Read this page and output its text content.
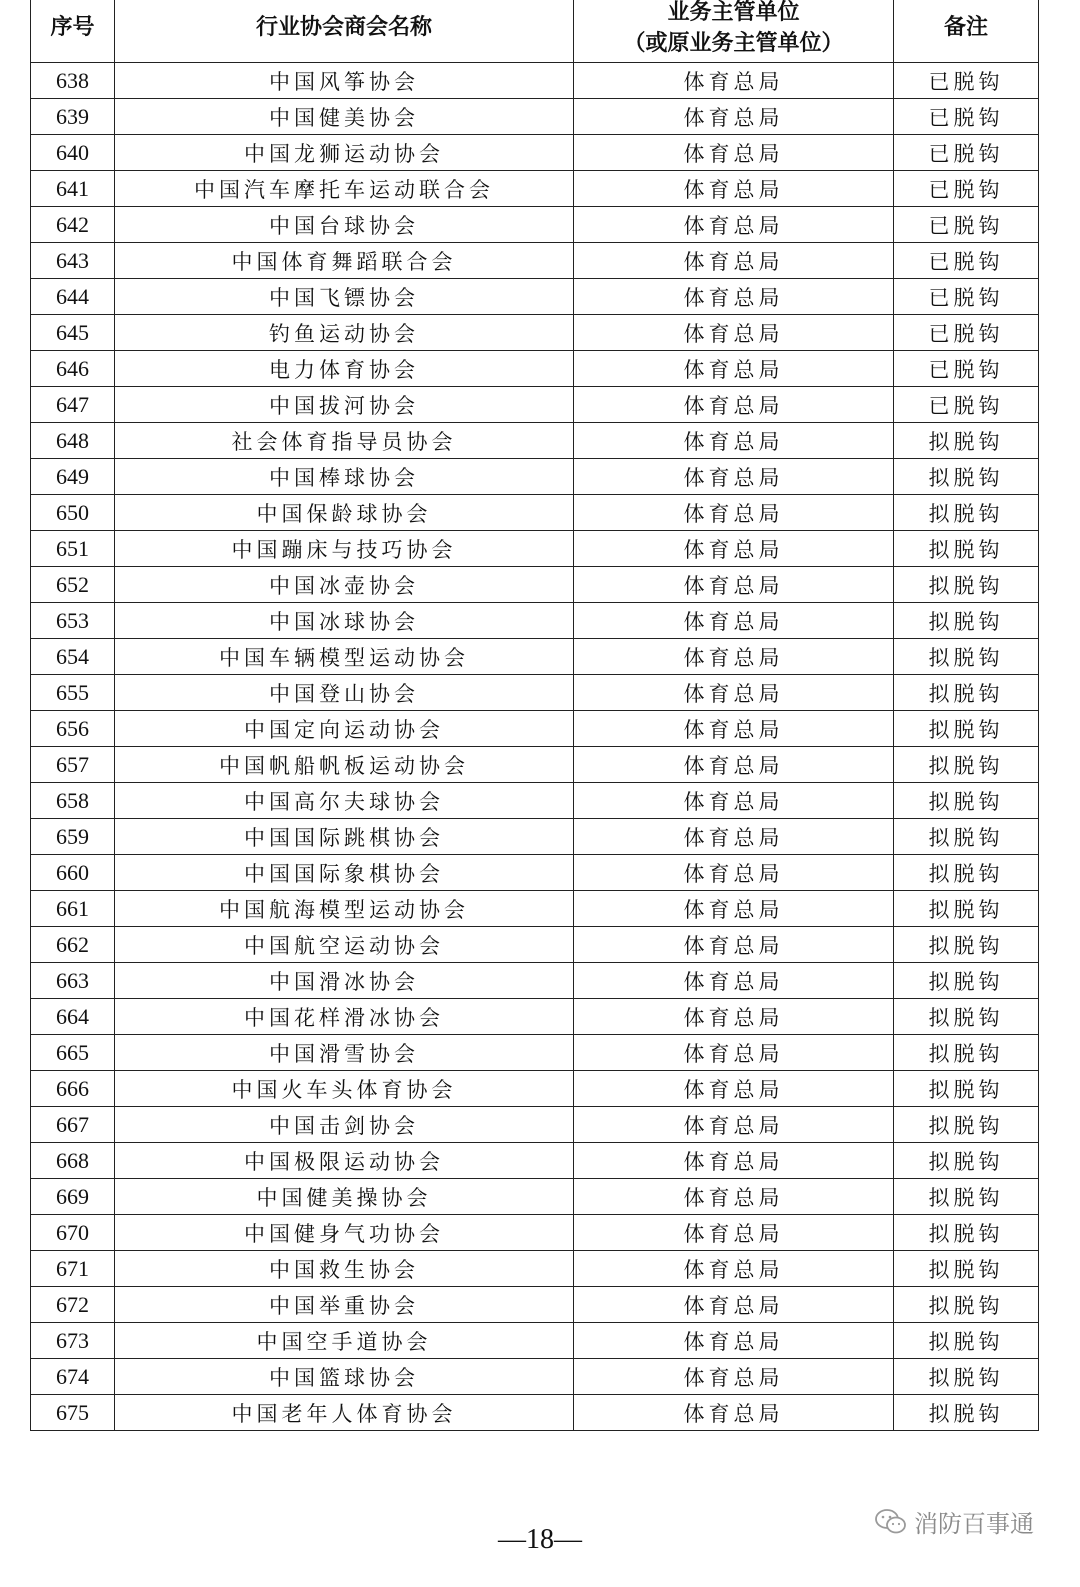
序号	行业协会商会名称	业务主管单位
（或原业务主管单位）	备注
638	中国风筝协会	体育总局	已脱钩
639	中国健美协会	体育总局	已脱钩
640	中国龙狮运动协会	体育总局	已脱钩
641	中国汽车摩托车运动联合会	体育总局	已脱钩
642	中国台球协会	体育总局	已脱钩
643	中国体育舞蹈联合会	体育总局	已脱钩
644	中国飞镖协会	体育总局	已脱钩
645	钓鱼运动协会	体育总局	已脱钩
646	电力体育协会	体育总局	已脱钩
647	中国拔河协会	体育总局	已脱钩
648	社会体育指导员协会	体育总局	拟脱钩
649	中国棒球协会	体育总局	拟脱钩
650	中国保龄球协会	体育总局	拟脱钩
651	中国蹦床与技巧协会	体育总局	拟脱钩
652	中国冰壶协会	体育总局	拟脱钩
653	中国冰球协会	体育总局	拟脱钩
654	中国车辆模型运动协会	体育总局	拟脱钩
655	中国登山协会	体育总局	拟脱钩
656	中国定向运动协会	体育总局	拟脱钩
657	中国帆船帆板运动协会	体育总局	拟脱钩
658	中国高尔夫球协会	体育总局	拟脱钩
659	中国国际跳棋协会	体育总局	拟脱钩
660	中国国际象棋协会	体育总局	拟脱钩
661	中国航海模型运动协会	体育总局	拟脱钩
662	中国航空运动协会	体育总局	拟脱钩
663	中国滑冰协会	体育总局	拟脱钩
664	中国花样滑冰协会	体育总局	拟脱钩
665	中国滑雪协会	体育总局	拟脱钩
666	中国火车头体育协会	体育总局	拟脱钩
667	中国击剑协会	体育总局	拟脱钩
668	中国极限运动协会	体育总局	拟脱钩
669	中国健美操协会	体育总局	拟脱钩
670	中国健身气功协会	体育总局	拟脱钩
671	中国救生协会	体育总局	拟脱钩
672	中国举重协会	体育总局	拟脱钩
673	中国空手道协会	体育总局	拟脱钩
674	中国篮球协会	体育总局	拟脱钩
675	中国老年人体育协会	体育总局	拟脱钩
消防百事通
—18—
